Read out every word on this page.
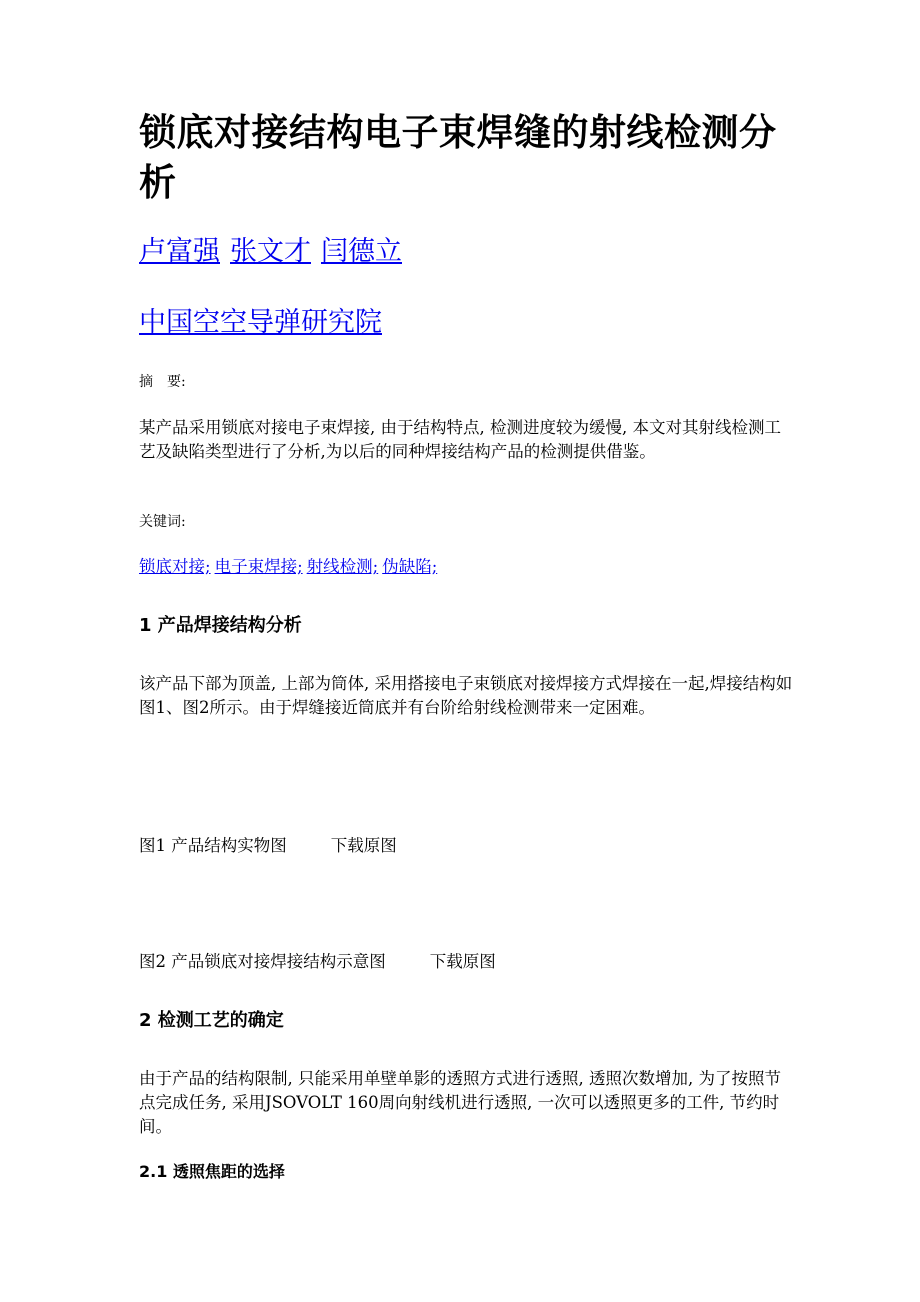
锁底对接结构电子束焊缝的射线检测分析
卢富强 张文才 闫德立
中国空空导弹研究院
摘　要:

某产品采用锁底对接电子束焊接, 由于结构特点, 检测进度较为缓慢, 本文对其射线检测工艺及缺陷类型进行了分析,为以后的同种焊接结构产品的检测提供借鉴。

关键词:
锁底对接; 电子束焊接; 射线检测; 伪缺陷;
1 产品焊接结构分析

该产品下部为顶盖, 上部为筒体, 采用搭接电子束锁底对接焊接方式焊接在一起,焊接结构如图1、图2所示。由于焊缝接近筒底并有台阶给射线检测带来一定困难。

图1 产品结构实物图	下载原图
图2 产品锁底对接焊接结构示意图	下载原图
2 检测工艺的确定

由于产品的结构限制, 只能采用单壁单影的透照方式进行透照, 透照次数增加, 为了按照节点完成任务, 采用JSOVOLT 160周向射线机进行透照, 一次可以透照更多的工件, 节约时间。

2.1 透照焦距的选择
